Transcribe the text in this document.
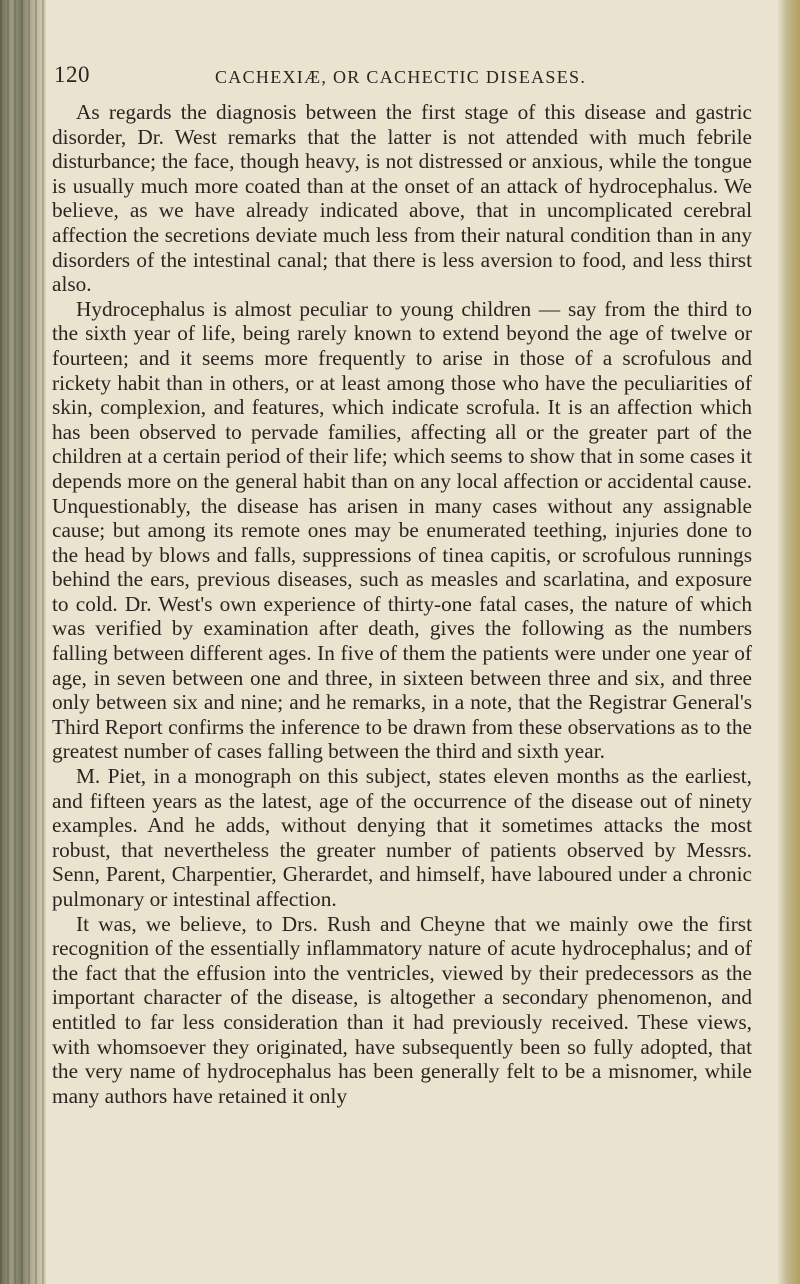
120	CACHEXIÆ, OR CACHECTIC DISEASES.

As regards the diagnosis between the first stage of this disease and gastric disorder, Dr. West remarks that the latter is not attended with much febrile disturbance; the face, though heavy, is not distressed or anxious, while the tongue is usually much more coated than at the onset of an attack of hydrocephalus. We believe, as we have already indicated above, that in uncomplicated cerebral affection the secretions deviate much less from their natural condition than in any disorders of the intestinal canal; that there is less aversion to food, and less thirst also.

Hydrocephalus is almost peculiar to young children — say from the third to the sixth year of life, being rarely known to extend beyond the age of twelve or fourteen; and it seems more frequently to arise in those of a scrofulous and rickety habit than in others, or at least among those who have the peculiarities of skin, complexion, and features, which indicate scrofula. It is an affection which has been observed to pervade families, affecting all or the greater part of the children at a certain period of their life; which seems to show that in some cases it depends more on the general habit than on any local affection or accidental cause. Unquestionably, the disease has arisen in many cases without any assignable cause; but among its remote ones may be enumerated teething, injuries done to the head by blows and falls, suppressions of tinea capitis, or scrofulous runnings behind the ears, previous diseases, such as measles and scarlatina, and exposure to cold. Dr. West's own experience of thirty-one fatal cases, the nature of which was verified by examination after death, gives the following as the numbers falling between different ages. In five of them the patients were under one year of age, in seven between one and three, in sixteen between three and six, and three only between six and nine; and he remarks, in a note, that the Registrar General's Third Report confirms the inference to be drawn from these observations as to the greatest number of cases falling between the third and sixth year.

M. Piet, in a monograph on this subject, states eleven months as the earliest, and fifteen years as the latest, age of the occurrence of the disease out of ninety examples. And he adds, without denying that it sometimes attacks the most robust, that nevertheless the greater number of patients observed by Messrs. Senn, Parent, Charpentier, Gherardet, and himself, have laboured under a chronic pulmonary or intestinal affection.

It was, we believe, to Drs. Rush and Cheyne that we mainly owe the first recognition of the essentially inflammatory nature of acute hydrocephalus; and of the fact that the effusion into the ventricles, viewed by their predecessors as the important character of the disease, is altogether a secondary phenomenon, and entitled to far less consideration than it had previously received. These views, with whomsoever they originated, have subsequently been so fully adopted, that the very name of hydrocephalus has been generally felt to be a misnomer, while many authors have retained it only
